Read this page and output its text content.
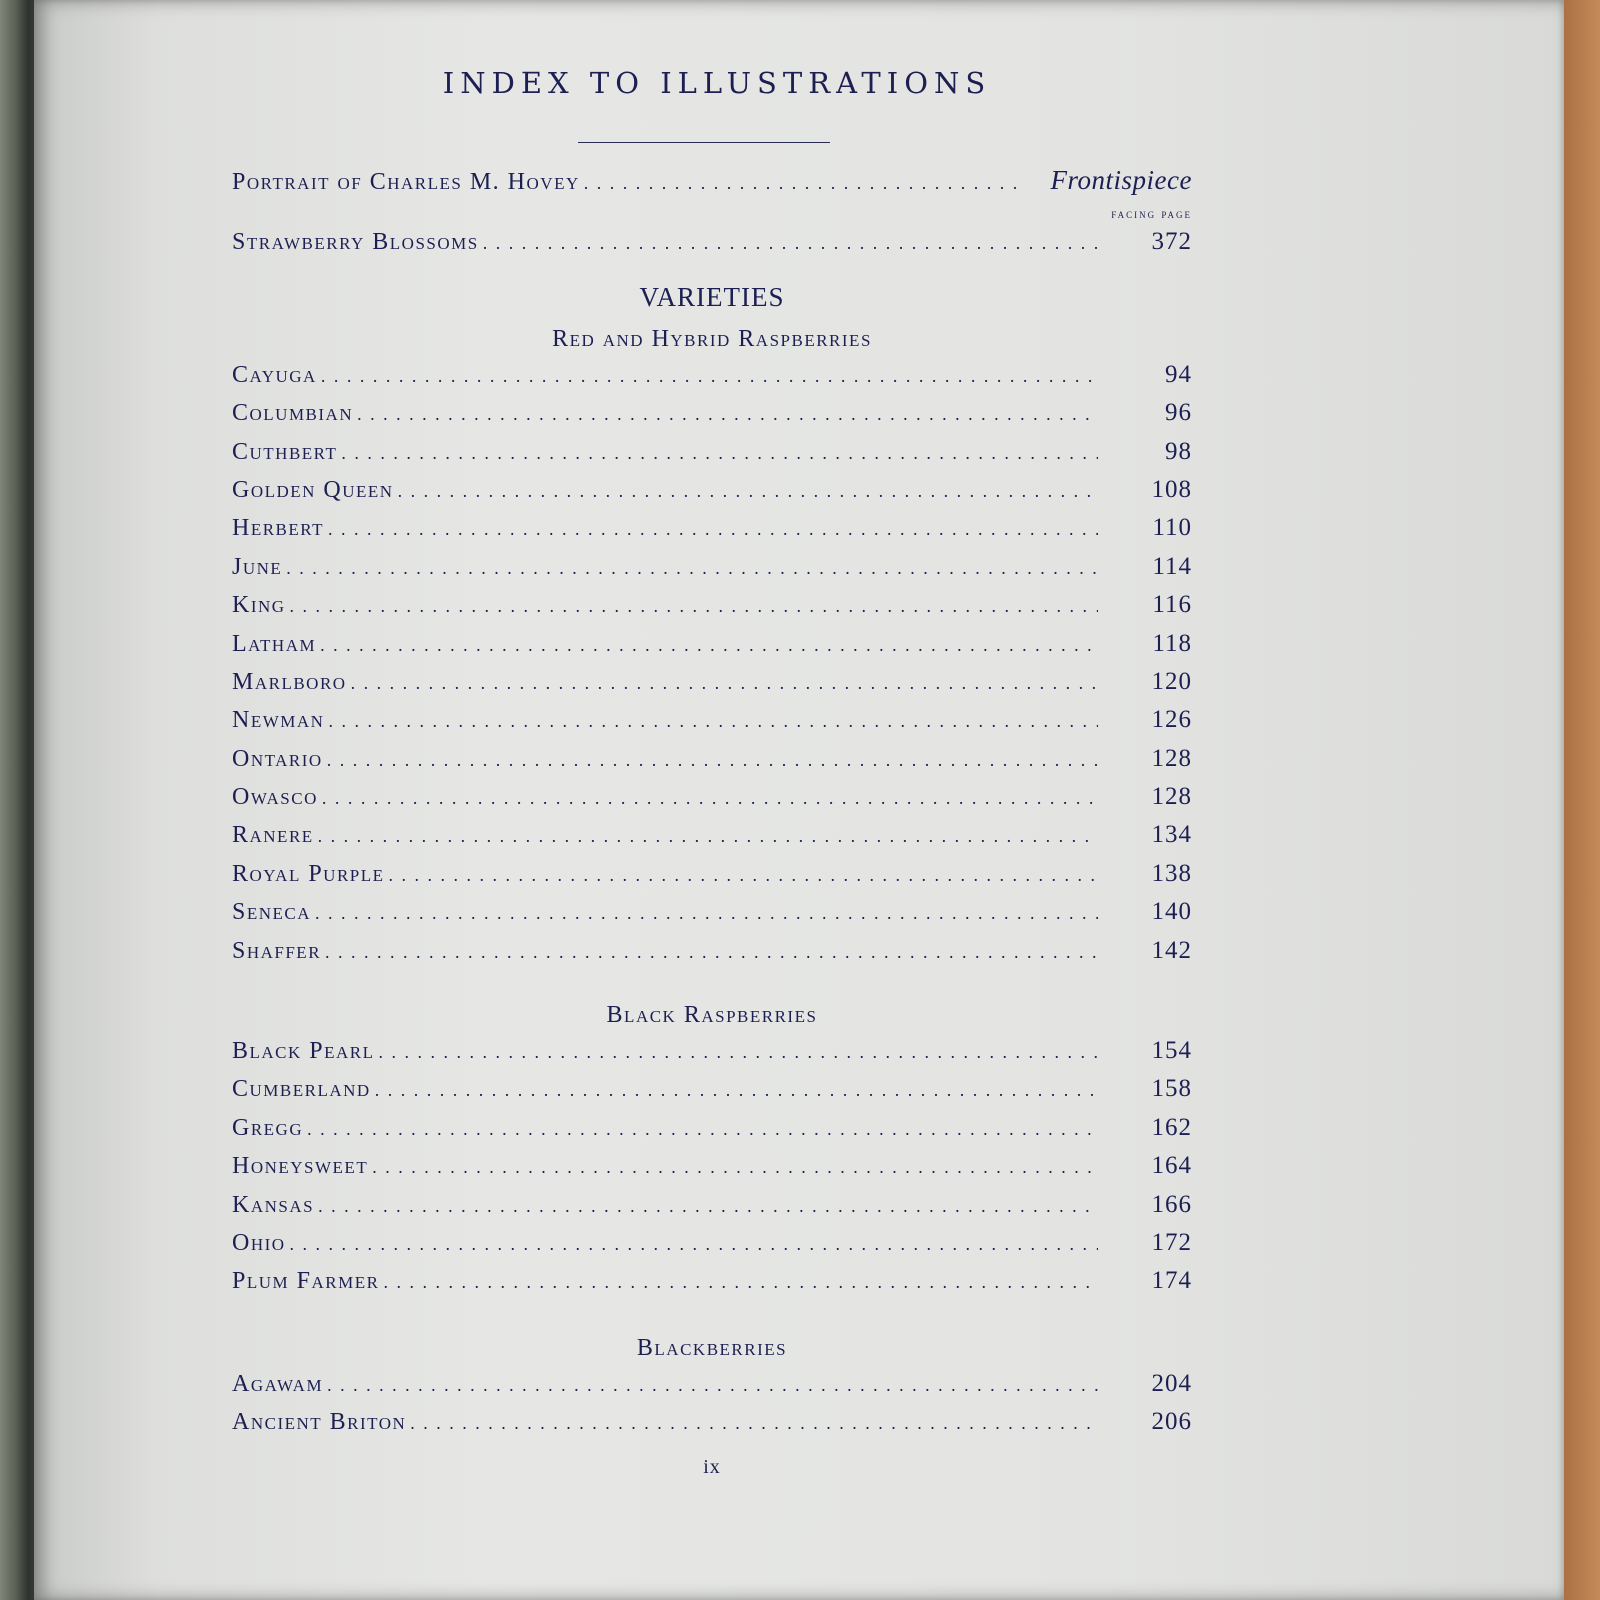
INDEX TO ILLUSTRATIONS
Portrait of Charles M. Hovey . . .	Frontispiece
facing page
Strawberry Blossoms . . .	372
VARIETIES
Red and Hybrid Raspberries
Cayuga . . .	94
Columbian . . .	96
Cuthbert . . .	98
Golden Queen . . .	108
Herbert . . .	110
June . . .	114
King . . .	116
Latham . . .	118
Marlboro . . .	120
Newman . . .	126
Ontario . . .	128
Owasco . . .	128
Ranere . . .	134
Royal Purple . . .	138
Seneca . . .	140
Shaffer . . .	142
Black Raspberries
Black Pearl . . .	154
Cumberland . . .	158
Gregg . . .	162
Honeysweet . . .	164
Kansas . . .	166
Ohio . . .	172
Plum Farmer . . .	174
Blackberries
Agawam . . .	204
Ancient Briton . . .	206
ix
